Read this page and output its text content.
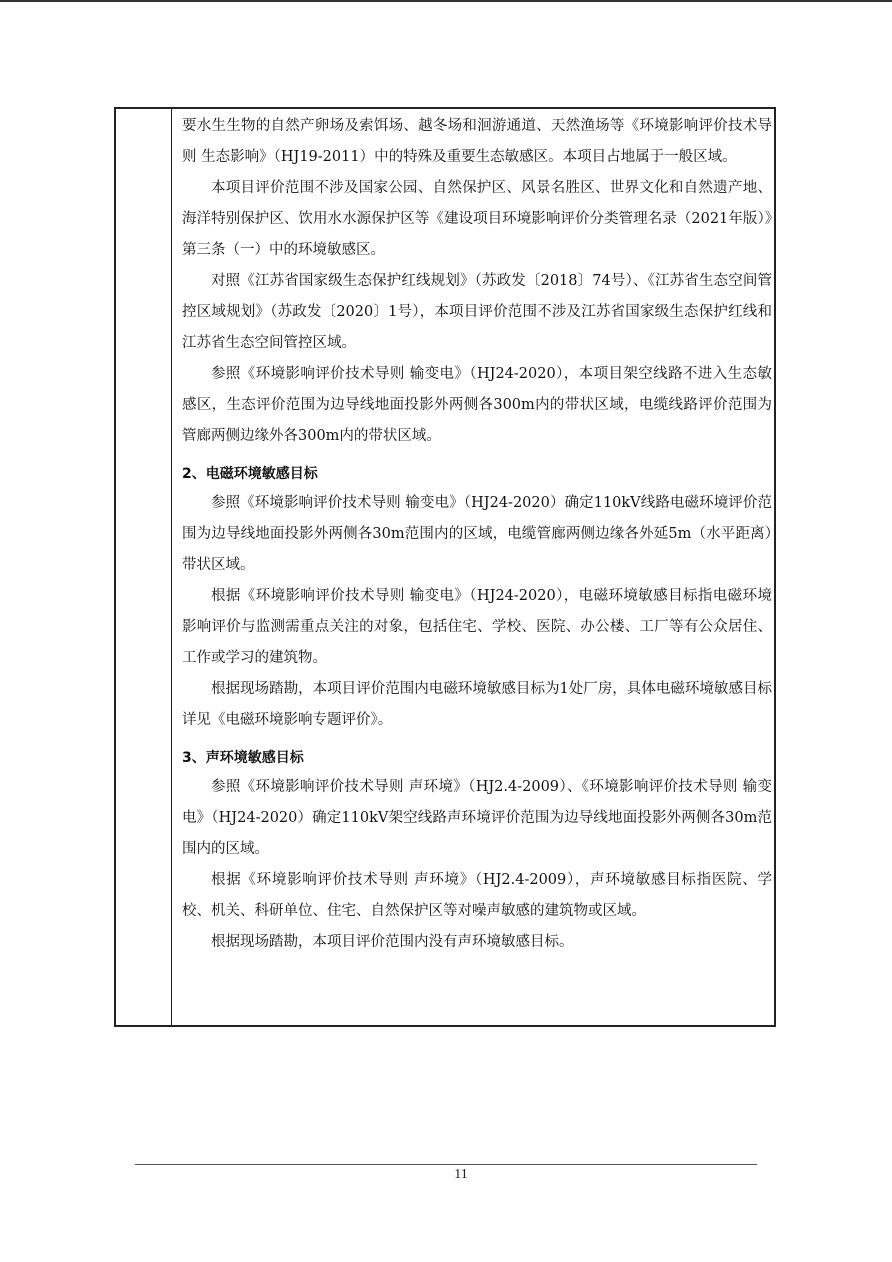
要水生生物的自然产卵场及索饵场、越冬场和洄游通道、天然渔场等《环境影响评价技术导则 生态影响》（HJ19-2011）中的特殊及重要生态敏感区。本项目占地属于一般区域。

本项目评价范围不涉及国家公园、自然保护区、风景名胜区、世界文化和自然遗产地、海洋特别保护区、饮用水水源保护区等《建设项目环境影响评价分类管理名录（2021年版）》第三条（一）中的环境敏感区。

对照《江苏省国家级生态保护红线规划》（苏政发〔2018〕74号）、《江苏省生态空间管控区域规划》（苏政发〔2020〕1号），本项目评价范围不涉及江苏省国家级生态保护红线和江苏省生态空间管控区域。

参照《环境影响评价技术导则 输变电》（HJ24-2020），本项目架空线路不进入生态敏感区，生态评价范围为边导线地面投影外两侧各300m内的带状区域，电缆线路评价范围为管廊两侧边缘外各300m内的带状区域。

2、电磁环境敏感目标

参照《环境影响评价技术导则 输变电》（HJ24-2020）确定110kV线路电磁环境评价范围为边导线地面投影外两侧各30m范围内的区域，电缆管廊两侧边缘各外延5m（水平距离）带状区域。

根据《环境影响评价技术导则 输变电》（HJ24-2020），电磁环境敏感目标指电磁环境影响评价与监测需重点关注的对象，包括住宅、学校、医院、办公楼、工厂等有公众居住、工作或学习的建筑物。

根据现场踏勘，本项目评价范围内电磁环境敏感目标为1处厂房，具体电磁环境敏感目标详见《电磁环境影响专题评价》。

3、声环境敏感目标

参照《环境影响评价技术导则 声环境》（HJ2.4-2009）、《环境影响评价技术导则 输变电》（HJ24-2020）确定110kV架空线路声环境评价范围为边导线地面投影外两侧各30m范围内的区域。

根据《环境影响评价技术导则 声环境》（HJ2.4-2009），声环境敏感目标指医院、学校、机关、科研单位、住宅、自然保护区等对噪声敏感的建筑物或区域。

根据现场踏勘，本项目评价范围内没有声环境敏感目标。

11
